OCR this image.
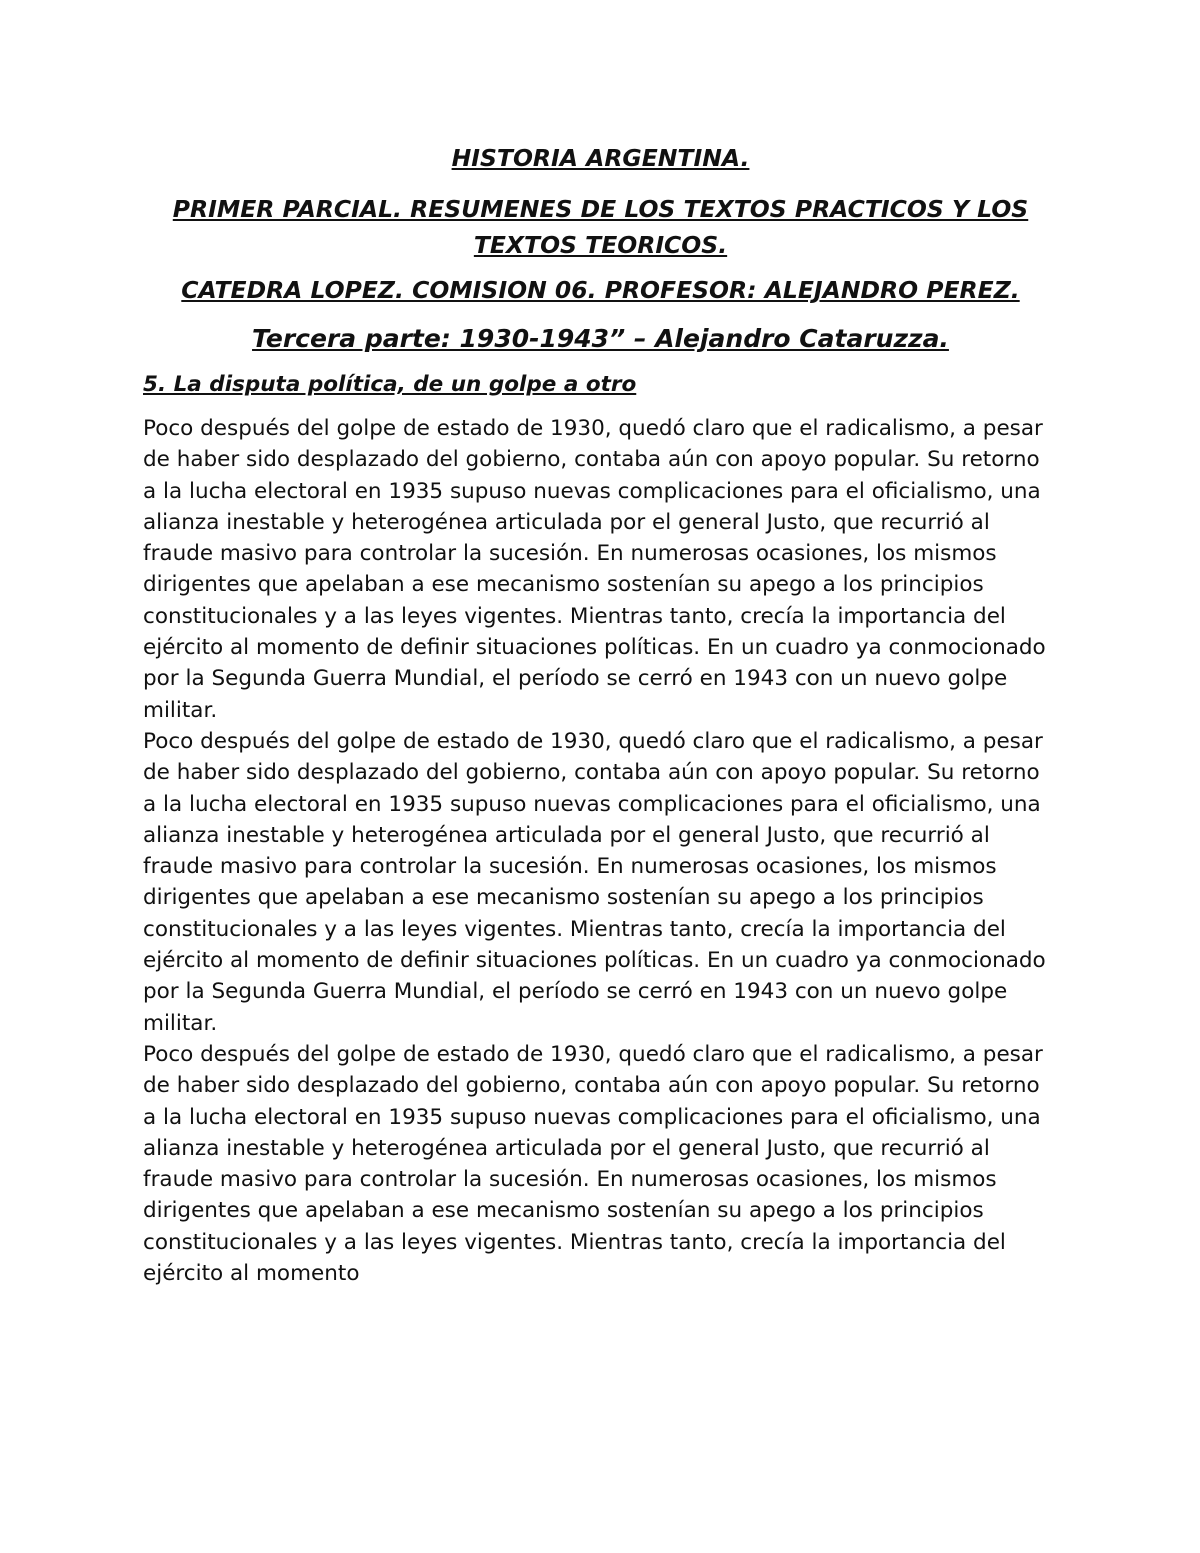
HISTORIA ARGENTINA.
PRIMER PARCIAL. RESUMENES DE LOS TEXTOS PRACTICOS Y LOS TEXTOS TEORICOS.
CATEDRA LOPEZ. COMISION 06. PROFESOR: ALEJANDRO PEREZ.
Tercera parte: 1930-1943” – Alejandro Cataruzza.
5. La disputa política, de un golpe a otro

Poco después del golpe de estado de 1930, quedó claro que el radicalismo, a pesar de haber sido desplazado del gobierno, contaba aún con apoyo popular. Su retorno a la lucha electoral en 1935 supuso nuevas complicaciones para el oficialismo, una alianza inestable y heterogénea articulada por el general Justo, que recurrió al fraude masivo para controlar la sucesión. En numerosas ocasiones, los mismos dirigentes que apelaban a ese mecanismo sostenían su apego a los principios constitucionales y a las leyes vigentes. Mientras tanto, crecía la importancia del ejército al momento de definir situaciones políticas. En un cuadro ya conmocionado por la Segunda Guerra Mundial, el período se cerró en 1943 con un nuevo golpe militar.

Poco después del golpe de estado de 1930, quedó claro que el radicalismo, a pesar de haber sido desplazado del gobierno, contaba aún con apoyo popular. Su retorno a la lucha electoral en 1935 supuso nuevas complicaciones para el oficialismo, una alianza inestable y heterogénea articulada por el general Justo, que recurrió al fraude masivo para controlar la sucesión. En numerosas ocasiones, los mismos dirigentes que apelaban a ese mecanismo sostenían su apego a los principios constitucionales y a las leyes vigentes. Mientras tanto, crecía la importancia del ejército al momento de definir situaciones políticas. En un cuadro ya conmocionado por la Segunda Guerra Mundial, el período se cerró en 1943 con un nuevo golpe militar.

Poco después del golpe de estado de 1930, quedó claro que el radicalismo, a pesar de haber sido desplazado del gobierno, contaba aún con apoyo popular. Su retorno a la lucha electoral en 1935 supuso nuevas complicaciones para el oficialismo, una alianza inestable y heterogénea articulada por el general Justo, que recurrió al fraude masivo para controlar la sucesión. En numerosas ocasiones, los mismos dirigentes que apelaban a ese mecanismo sostenían su apego a los principios constitucionales y a las leyes vigentes. Mientras tanto, crecía la importancia del ejército al momento
